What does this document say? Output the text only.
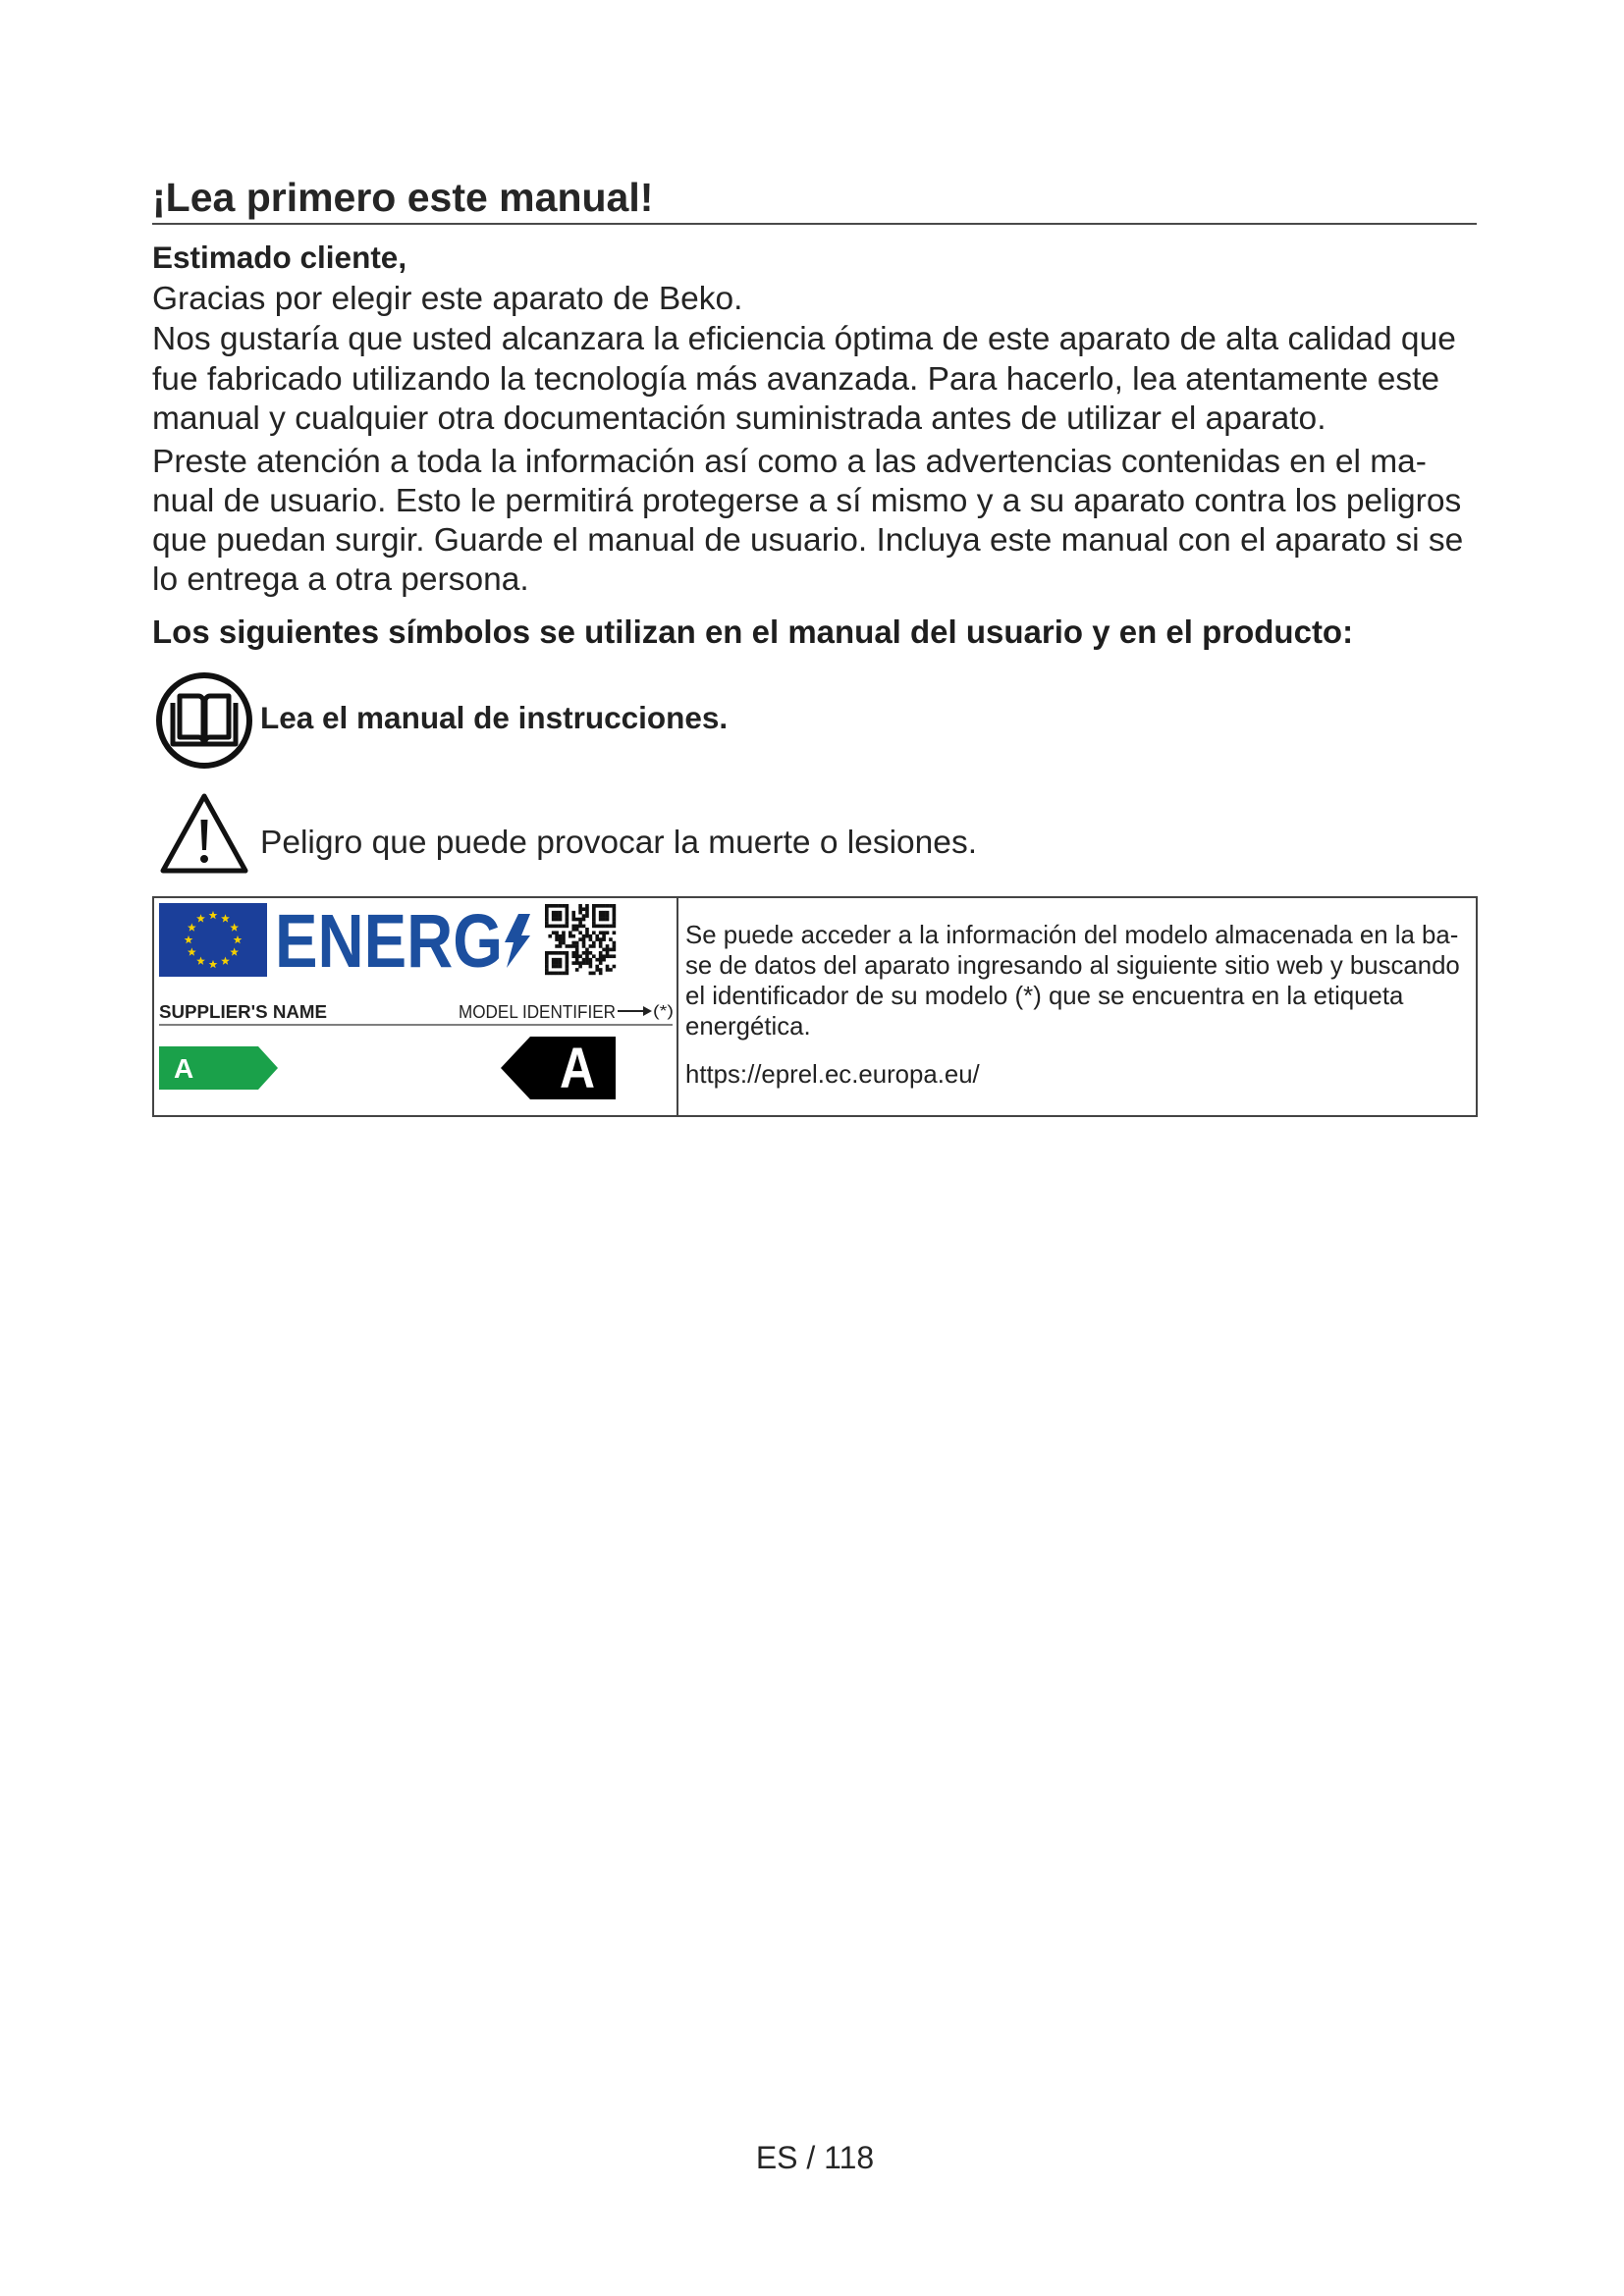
¡Lea primero este manual!
Estimado cliente,
Gracias por elegir este aparato de Beko.
Nos gustaría que usted alcanzara la eficiencia óptima de este aparato de alta calidad que
fue fabricado utilizando la tecnología más avanzada. Para hacerlo, lea atentamente este
manual y cualquier otra documentación suministrada antes de utilizar el aparato.
Preste atención a toda la información así como a las advertencias contenidas en el ma-
nual de usuario. Esto le permitirá protegerse a sí mismo y a su aparato contra los peligros
que puedan surgir. Guarde el manual de usuario. Incluya este manual con el aparato si se
lo entrega a otra persona.
Los siguientes símbolos se utilizan en el manual del usuario y en el producto:
Lea el manual de instrucciones.
Peligro que puede provocar la muerte o lesiones.
ENERG
SUPPLIER'S NAME	MODEL IDENTIFIER (*)
A	A
Se puede acceder a la información del modelo almacenada en la ba-
se de datos del aparato ingresando al siguiente sitio web y buscando
el identificador de su modelo (*) que se encuentra en la etiqueta
energética.
https://eprel.ec.europa.eu/
ES / 118
